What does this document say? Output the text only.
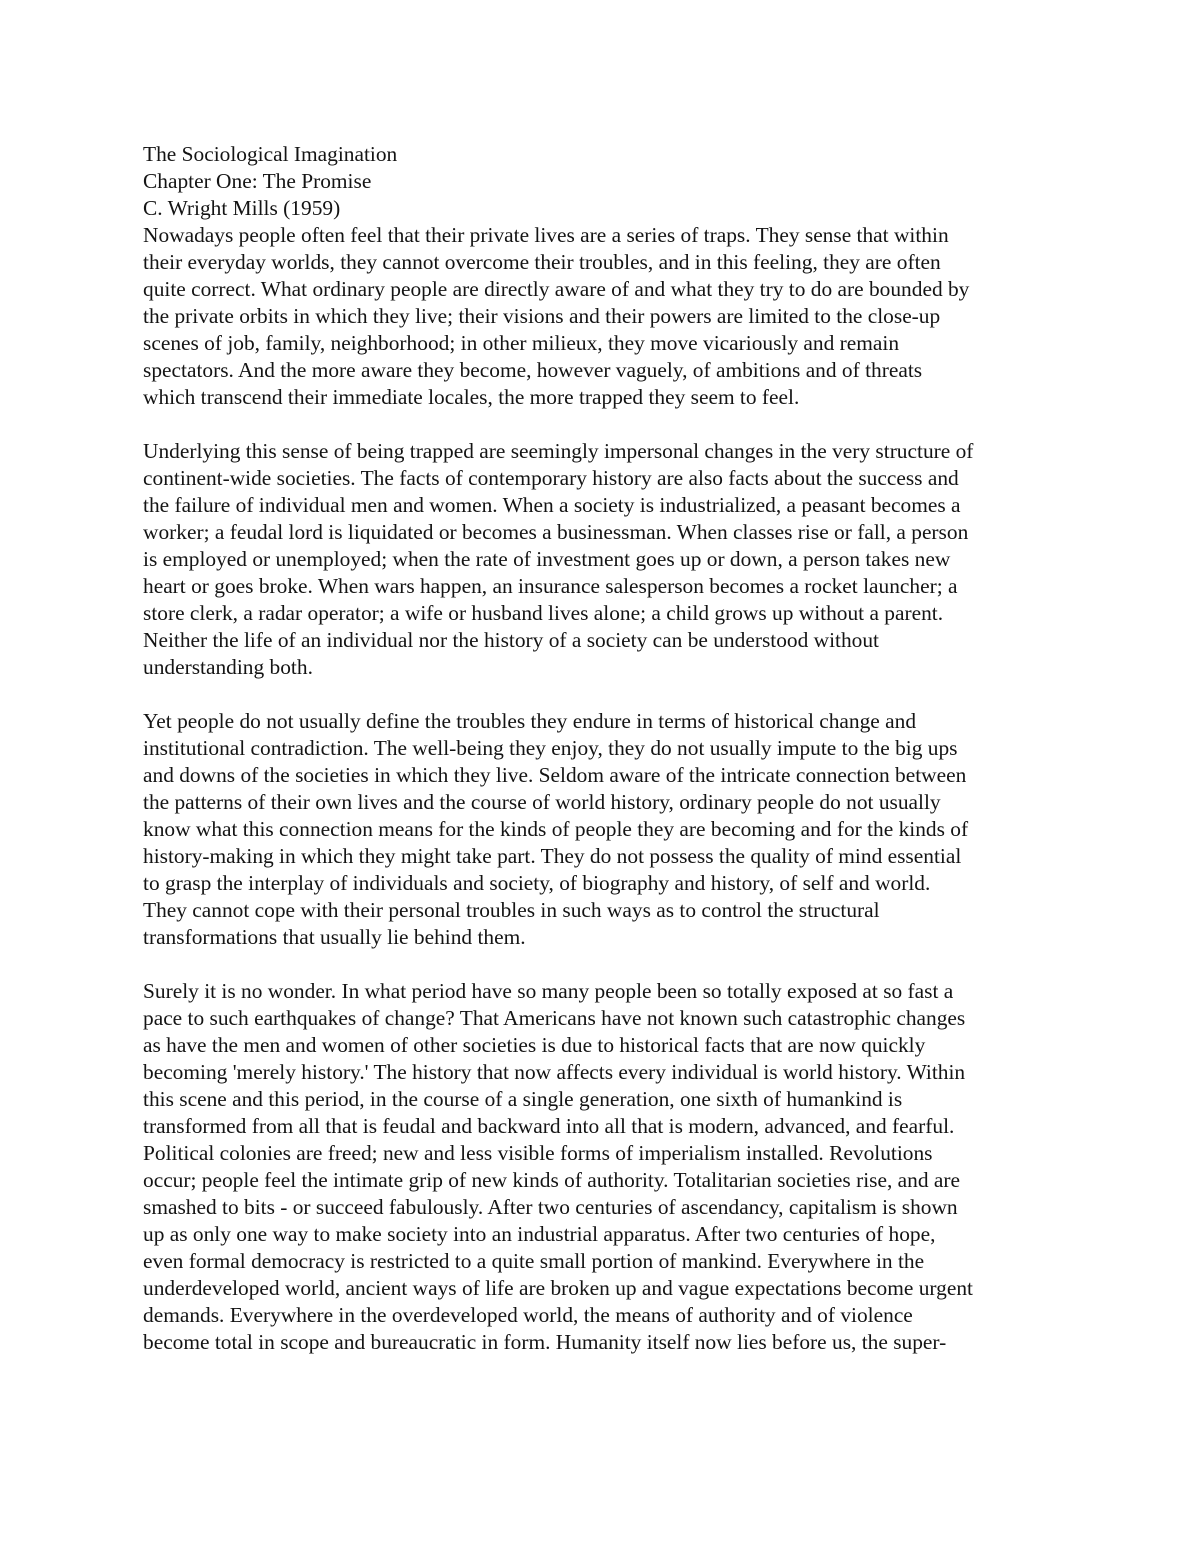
The Sociological Imagination
Chapter One: The Promise
C. Wright Mills (1959)
Nowadays people often feel that their private lives are a series of traps. They sense that within
their everyday worlds, they cannot overcome their troubles, and in this feeling, they are often
quite correct. What ordinary people are directly aware of and what they try to do are bounded by
the private orbits in which they live; their visions and their powers are limited to the close-up
scenes of job, family, neighborhood; in other milieux, they move vicariously and remain
spectators. And the more aware they become, however vaguely, of ambitions and of threats
which transcend their immediate locales, the more trapped they seem to feel.
Underlying this sense of being trapped are seemingly impersonal changes in the very structure of
continent-wide societies. The facts of contemporary history are also facts about the success and
the failure of individual men and women. When a society is industrialized, a peasant becomes a
worker; a feudal lord is liquidated or becomes a businessman. When classes rise or fall, a person
is employed or unemployed; when the rate of investment goes up or down, a person takes new
heart or goes broke. When wars happen, an insurance salesperson becomes a rocket launcher; a
store clerk, a radar operator; a wife or husband lives alone; a child grows up without a parent.
Neither the life of an individual nor the history of a society can be understood without
understanding both.
Yet people do not usually define the troubles they endure in terms of historical change and
institutional contradiction. The well-being they enjoy, they do not usually impute to the big ups
and downs of the societies in which they live. Seldom aware of the intricate connection between
the patterns of their own lives and the course of world history, ordinary people do not usually
know what this connection means for the kinds of people they are becoming and for the kinds of
history-making in which they might take part. They do not possess the quality of mind essential
to grasp the interplay of individuals and society, of biography and history, of self and world.
They cannot cope with their personal troubles in such ways as to control the structural
transformations that usually lie behind them.
Surely it is no wonder. In what period have so many people been so totally exposed at so fast a
pace to such earthquakes of change? That Americans have not known such catastrophic changes
as have the men and women of other societies is due to historical facts that are now quickly
becoming 'merely history.' The history that now affects every individual is world history. Within
this scene and this period, in the course of a single generation, one sixth of humankind is
transformed from all that is feudal and backward into all that is modern, advanced, and fearful.
Political colonies are freed; new and less visible forms of imperialism installed. Revolutions
occur; people feel the intimate grip of new kinds of authority. Totalitarian societies rise, and are
smashed to bits - or succeed fabulously. After two centuries of ascendancy, capitalism is shown
up as only one way to make society into an industrial apparatus. After two centuries of hope,
even formal democracy is restricted to a quite small portion of mankind. Everywhere in the
underdeveloped world, ancient ways of life are broken up and vague expectations become urgent
demands. Everywhere in the overdeveloped world, the means of authority and of violence
become total in scope and bureaucratic in form. Humanity itself now lies before us, the super-
